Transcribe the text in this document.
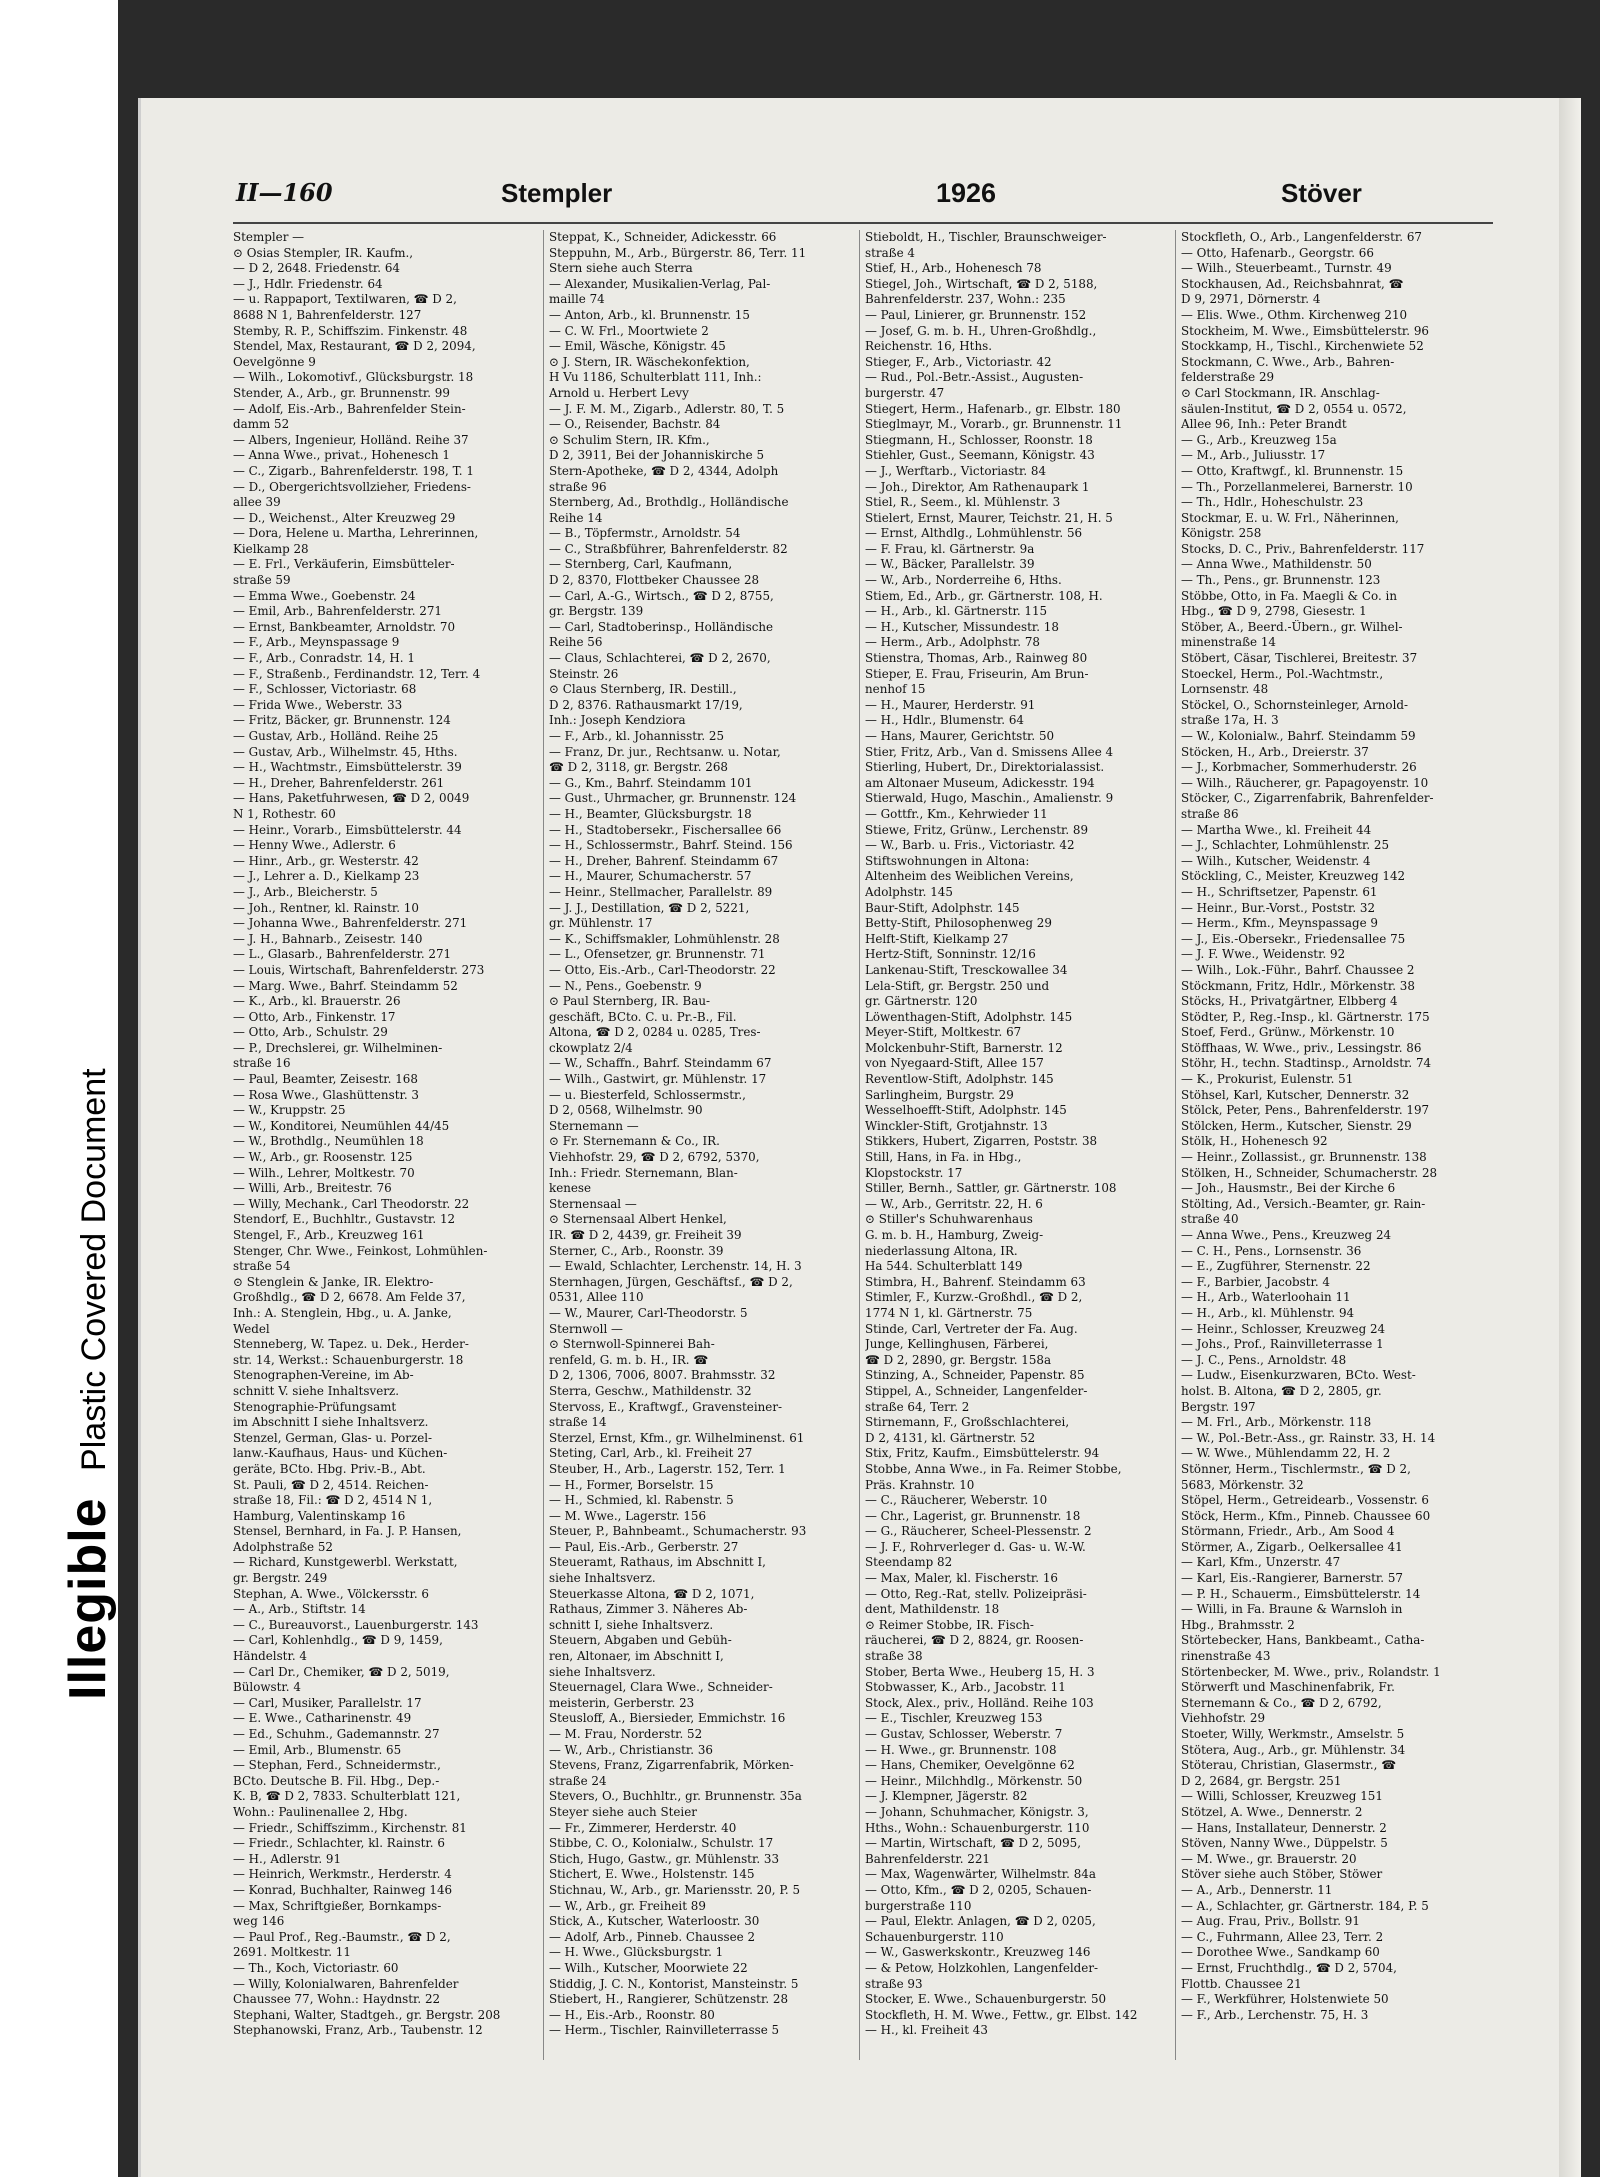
Illegible Plastic Covered Document
II—160	Stempler	1926	Stöver
Stempler —
⊙ Osias Stempler, IR. Kaufm.,
— D 2, 2648. Friedenstr. 64
— J., Hdlr. Friedenstr. 64
— u. Rappaport, Textilwaren, ☎ D 2,
8688 N 1, Bahrenfelderstr. 127
Stemby, R. P., Schiffszim. Finkenstr. 48
Stendel, Max, Restaurant, ☎ D 2, 2094,
Oevelgönne 9
— Wilh., Lokomotivf., Glücksburgstr. 18
Stender, A., Arb., gr. Brunnenstr. 99
— Adolf, Eis.-Arb., Bahrenfelder Stein-
damm 52
— Albers, Ingenieur, Holländ. Reihe 37
— Anna Wwe., privat., Hohenesch 1
— C., Zigarb., Bahrenfelderstr. 198, T. 1
— D., Obergerichtsvollzieher, Friedens-
allee 39
— D., Weichenst., Alter Kreuzweg 29
— Dora, Helene u. Martha, Lehrerinnen,
Kielkamp 28
— E. Frl., Verkäuferin, Eimsbütteler-
straße 59
— Emma Wwe., Goebenstr. 24
— Emil, Arb., Bahrenfelderstr. 271
— Ernst, Bankbeamter, Arnoldstr. 70
— F., Arb., Meynspassage 9
— F., Arb., Conradstr. 14, H. 1
— F., Straßenb., Ferdinandstr. 12, Terr. 4
— F., Schlosser, Victoriastr. 68
— Frida Wwe., Weberstr. 33
— Fritz, Bäcker, gr. Brunnenstr. 124
— Gustav, Arb., Holländ. Reihe 25
— Gustav, Arb., Wilhelmstr. 45, Hths.
— H., Wachtmstr., Eimsbüttelerstr. 39
— H., Dreher, Bahrenfelderstr. 261
— Hans, Paketfuhrwesen, ☎ D 2, 0049
N 1, Rothestr. 60
— Heinr., Vorarb., Eimsbüttelerstr. 44
— Henny Wwe., Adlerstr. 6
— Hinr., Arb., gr. Westerstr. 42
— J., Lehrer a. D., Kielkamp 23
— J., Arb., Bleicherstr. 5
— Joh., Rentner, kl. Rainstr. 10
— Johanna Wwe., Bahrenfelderstr. 271
— J. H., Bahnarb., Zeisestr. 140
— L., Glasarb., Bahrenfelderstr. 271
— Louis, Wirtschaft, Bahrenfelderstr. 273
— Marg. Wwe., Bahrf. Steindamm 52
— K., Arb., kl. Brauerstr. 26
— Otto, Arb., Finkenstr. 17
— Otto, Arb., Schulstr. 29
— P., Drechslerei, gr. Wilhelminen-
straße 16
— Paul, Beamter, Zeisestr. 168
— Rosa Wwe., Glashüttenstr. 3
— W., Kruppstr. 25
— W., Konditorei, Neumühlen 44/45
— W., Brothdlg., Neumühlen 18
— W., Arb., gr. Roosenstr. 125
— Wilh., Lehrer, Moltkestr. 70
— Willi, Arb., Breitestr. 76
— Willy, Mechank., Carl Theodorstr. 22
Stendorf, E., Buchhltr., Gustavstr. 12
Stengel, F., Arb., Kreuzweg 161
Stenger, Chr. Wwe., Feinkost, Lohmühlen-
straße 54
⊙ Stenglein & Janke, IR. Elektro-
Großhdlg., ☎ D 2, 6678. Am Felde 37,
Inh.: A. Stenglein, Hbg., u. A. Janke,
Wedel
Stenneberg, W. Tapez. u. Dek., Herder-
str. 14, Werkst.: Schauenburgerstr. 18
Stenographen-Vereine, im Ab-
schnitt V. siehe Inhaltsverz.
Stenographie-Prüfungsamt
im Abschnitt I siehe Inhaltsverz.
Stenzel, German, Glas- u. Porzel-
lanw.-Kaufhaus, Haus- und Küchen-
geräte, BCto. Hbg. Priv.-B., Abt.
St. Pauli, ☎ D 2, 4514. Reichen-
straße 18, Fil.: ☎ D 2, 4514 N 1,
Hamburg, Valentinskamp 16
Stensel, Bernhard, in Fa. J. P. Hansen,
Adolphstraße 52
— Richard, Kunstgewerbl. Werkstatt,
gr. Bergstr. 249
Stephan, A. Wwe., Völckersstr. 6
— A., Arb., Stiftstr. 14
— C., Bureauvorst., Lauenburgerstr. 143
— Carl, Kohlenhdlg., ☎ D 9, 1459,
Händelstr. 4
— Carl Dr., Chemiker, ☎ D 2, 5019,
Bülowstr. 4
— Carl, Musiker, Parallelstr. 17
— E. Wwe., Catharinenstr. 49
— Ed., Schuhm., Gademannstr. 27
— Emil, Arb., Blumenstr. 65
— Stephan, Ferd., Schneidermstr.,
BCto. Deutsche B. Fil. Hbg., Dep.-
K. B, ☎ D 2, 7833. Schulterblatt 121,
Wohn.: Paulinenallee 2, Hbg.
— Friedr., Schiffszimm., Kirchenstr. 81
— Friedr., Schlachter, kl. Rainstr. 6
— H., Adlerstr. 91
— Heinrich, Werkmstr., Herderstr. 4
— Konrad, Buchhalter, Rainweg 146
— Max, Schriftgießer, Bornkamps-
weg 146
— Paul Prof., Reg.-Baumstr., ☎ D 2,
2691. Moltkestr. 11
— Th., Koch, Victoriastr. 60
— Willy, Kolonialwaren, Bahrenfelder
Chaussee 77, Wohn.: Haydnstr. 22
Stephani, Walter, Stadtgeh., gr. Bergstr. 208
Stephanowski, Franz, Arb., Taubenstr. 12
Steppat, K., Schneider, Adickesstr. 66
Steppuhn, M., Arb., Bürgerstr. 86, Terr. 11
Stern siehe auch Sterra
— Alexander, Musikalien-Verlag, Pal-
maille 74
— Anton, Arb., kl. Brunnenstr. 15
— C. W. Frl., Moortwiete 2
— Emil, Wäsche, Königstr. 45
⊙ J. Stern, IR. Wäschekonfektion,
H Vu 1186, Schulterblatt 111, Inh.:
Arnold u. Herbert Levy
— J. F. M. M., Zigarb., Adlerstr. 80, T. 5
— O., Reisender, Bachstr. 84
⊙ Schulim Stern, IR. Kfm.,
D 2, 3911, Bei der Johanniskirche 5
Stern-Apotheke, ☎ D 2, 4344, Adolph
straße 96
Sternberg, Ad., Brothdlg., Holländische
Reihe 14
— B., Töpfermstr., Arnoldstr. 54
— C., Straßbführer, Bahrenfelderstr. 82
— Sternberg, Carl, Kaufmann,
D 2, 8370, Flottbeker Chaussee 28
— Carl, A.-G., Wirtsch., ☎ D 2, 8755,
gr. Bergstr. 139
— Carl, Stadtoberinsp., Holländische
Reihe 56
— Claus, Schlachterei, ☎ D 2, 2670,
Steinstr. 26
⊙ Claus Sternberg, IR. Destill.,
D 2, 8376. Rathausmarkt 17/19,
Inh.: Joseph Kendziora
— F., Arb., kl. Johannisstr. 25
— Franz, Dr. jur., Rechtsanw. u. Notar,
☎ D 2, 3118, gr. Bergstr. 268
— G., Km., Bahrf. Steindamm 101
— Gust., Uhrmacher, gr. Brunnenstr. 124
— H., Beamter, Glücksburgstr. 18
— H., Stadtobersekr., Fischersallee 66
— H., Schlossermstr., Bahrf. Steind. 156
— H., Dreher, Bahrenf. Steindamm 67
— H., Maurer, Schumacherstr. 57
— Heinr., Stellmacher, Parallelstr. 89
— J. J., Destillation, ☎ D 2, 5221,
gr. Mühlenstr. 17
— K., Schiffsmakler, Lohmühlenstr. 28
— L., Ofensetzer, gr. Brunnenstr. 71
— Otto, Eis.-Arb., Carl-Theodorstr. 22
— N., Pens., Goebenstr. 9
⊙ Paul Sternberg, IR. Bau-
geschäft, BCto. C. u. Pr.-B., Fil.
Altona, ☎ D 2, 0284 u. 0285, Tres-
ckowplatz 2/4
— W., Schaffn., Bahrf. Steindamm 67
— Wilh., Gastwirt, gr. Mühlenstr. 17
— u. Biesterfeld, Schlossermstr.,
D 2, 0568, Wilhelmstr. 90
Sternemann —
⊙ Fr. Sternemann & Co., IR.
Viehhofstr. 29, ☎ D 2, 6792, 5370,
Inh.: Friedr. Sternemann, Blan-
kenese
Sternensaal —
⊙ Sternensaal Albert Henkel,
IR. ☎ D 2, 4439, gr. Freiheit 39
Sterner, C., Arb., Roonstr. 39
— Ewald, Schlachter, Lerchenstr. 14, H. 3
Sternhagen, Jürgen, Geschäftsf., ☎ D 2,
0531, Allee 110
— W., Maurer, Carl-Theodorstr. 5
Sternwoll —
⊙ Sternwoll-Spinnerei Bah-
renfeld, G. m. b. H., IR. ☎
D 2, 1306, 7006, 8007. Brahmsstr. 32
Sterra, Geschw., Mathildenstr. 32
Stervoss, E., Kraftwgf., Gravensteiner-
straße 14
Sterzel, Ernst, Kfm., gr. Wilhelminenst. 61
Steting, Carl, Arb., kl. Freiheit 27
Steuber, H., Arb., Lagerstr. 152, Terr. 1
— H., Former, Borselstr. 15
— H., Schmied, kl. Rabenstr. 5
— M. Wwe., Lagerstr. 156
Steuer, P., Bahnbeamt., Schumacherstr. 93
— Paul, Eis.-Arb., Gerberstr. 27
Steueramt, Rathaus, im Abschnitt I,
siehe Inhaltsverz.
Steuerkasse Altona, ☎ D 2, 1071,
Rathaus, Zimmer 3. Näheres Ab-
schnitt I, siehe Inhaltsverz.
Steuern, Abgaben und Gebüh-
ren, Altonaer, im Abschnitt I,
siehe Inhaltsverz.
Steuernagel, Clara Wwe., Schneider-
meisterin, Gerberstr. 23
Steusloff, A., Biersieder, Emmichstr. 16
— M. Frau, Norderstr. 52
— W., Arb., Christianstr. 36
Stevens, Franz, Zigarrenfabrik, Mörken-
straße 24
Stevers, O., Buchhltr., gr. Brunnenstr. 35a
Steyer siehe auch Steier
— Fr., Zimmerer, Herderstr. 40
Stibbe, C. O., Kolonialw., Schulstr. 17
Stich, Hugo, Gastw., gr. Mühlenstr. 33
Stichert, E. Wwe., Holstenstr. 145
Stichnau, W., Arb., gr. Mariensstr. 20, P. 5
— W., Arb., gr. Freiheit 89
Stick, A., Kutscher, Waterloostr. 30
— Adolf, Arb., Pinneb. Chaussee 2
— H. Wwe., Glücksburgstr. 1
— Wilh., Kutscher, Moorwiete 22
Stiddig, J. C. N., Kontorist, Mansteinstr. 5
Stiebert, H., Rangierer, Schützenstr. 28
— H., Eis.-Arb., Roonstr. 80
— Herm., Tischler, Rainvilleterrasse 5
Stieboldt, H., Tischler, Braunschweiger-
straße 4
Stief, H., Arb., Hohenesch 78
Stiegel, Joh., Wirtschaft, ☎ D 2, 5188,
Bahrenfelderstr. 237, Wohn.: 235
— Paul, Linierer, gr. Brunnenstr. 152
— Josef, G. m. b. H., Uhren-Großhdlg.,
Reichenstr. 16, Hths.
Stieger, F., Arb., Victoriastr. 42
— Rud., Pol.-Betr.-Assist., Augusten-
burgerstr. 47
Stiegert, Herm., Hafenarb., gr. Elbstr. 180
Stieglmayr, M., Vorarb., gr. Brunnenstr. 11
Stiegmann, H., Schlosser, Roonstr. 18
Stiehler, Gust., Seemann, Königstr. 43
— J., Werftarb., Victoriastr. 84
— Joh., Direktor, Am Rathenaupark 1
Stiel, R., Seem., kl. Mühlenstr. 3
Stielert, Ernst, Maurer, Teichstr. 21, H. 5
— Ernst, Althdlg., Lohmühlenstr. 56
— F. Frau, kl. Gärtnerstr. 9a
— W., Bäcker, Parallelstr. 39
— W., Arb., Norderreihe 6, Hths.
Stiem, Ed., Arb., gr. Gärtnerstr. 108, H.
— H., Arb., kl. Gärtnerstr. 115
— H., Kutscher, Missundestr. 18
— Herm., Arb., Adolphstr. 78
Stienstra, Thomas, Arb., Rainweg 80
Stieper, E. Frau, Friseurin, Am Brun-
nenhof 15
— H., Maurer, Herderstr. 91
— H., Hdlr., Blumenstr. 64
— Hans, Maurer, Gerichtstr. 50
Stier, Fritz, Arb., Van d. Smissens Allee 4
Stierling, Hubert, Dr., Direktorialassist.
am Altonaer Museum, Adickesstr. 194
Stierwald, Hugo, Maschin., Amalienstr. 9
— Gottfr., Km., Kehrwieder 11
Stiewe, Fritz, Grünw., Lerchenstr. 89
— W., Barb. u. Fris., Victoriastr. 42
Stiftswohnungen in Altona:
Altenheim des Weiblichen Vereins,
Adolphstr. 145
Baur-Stift, Adolphstr. 145
Betty-Stift, Philosophenweg 29
Helft-Stift, Kielkamp 27
Hertz-Stift, Sonninstr. 12/16
Lankenau-Stift, Tresckowallee 34
Lela-Stift, gr. Bergstr. 250 und
gr. Gärtnerstr. 120
Löwenthagen-Stift, Adolphstr. 145
Meyer-Stift, Moltkestr. 67
Molckenbuhr-Stift, Barnerstr. 12
von Nyegaard-Stift, Allee 157
Reventlow-Stift, Adolphstr. 145
Sarlingheim, Burgstr. 29
Wesselhoefft-Stift, Adolphstr. 145
Winckler-Stift, Grotjahnstr. 13
Stikkers, Hubert, Zigarren, Poststr. 38
Still, Hans, in Fa. in Hbg.,
Klopstockstr. 17
Stiller, Bernh., Sattler, gr. Gärtnerstr. 108
— W., Arb., Gerritstr. 22, H. 6
⊙ Stiller's Schuhwarenhaus
G. m. b. H., Hamburg, Zweig-
niederlassung Altona, IR.
Ha 544. Schulterblatt 149
Stimbra, H., Bahrenf. Steindamm 63
Stimler, F., Kurzw.-Großhdl., ☎ D 2,
1774 N 1, kl. Gärtnerstr. 75
Stinde, Carl, Vertreter der Fa. Aug.
Junge, Kellinghusen, Färberei,
☎ D 2, 2890, gr. Bergstr. 158a
Stinzing, A., Schneider, Papenstr. 85
Stippel, A., Schneider, Langenfelder-
straße 64, Terr. 2
Stirnemann, F., Großschlachterei,
D 2, 4131, kl. Gärtnerstr. 52
Stix, Fritz, Kaufm., Eimsbüttelerstr. 94
Stobbe, Anna Wwe., in Fa. Reimer Stobbe,
Präs. Krahnstr. 10
— C., Räucherer, Weberstr. 10
— Chr., Lagerist, gr. Brunnenstr. 18
— G., Räucherer, Scheel-Plessenstr. 2
— J. F., Rohrverleger d. Gas- u. W.-W.
Steendamp 82
— Max, Maler, kl. Fischerstr. 16
— Otto, Reg.-Rat, stellv. Polizeipräsi-
dent, Mathildenstr. 18
⊙ Reimer Stobbe, IR. Fisch-
räucherei, ☎ D 2, 8824, gr. Roosen-
straße 38
Stober, Berta Wwe., Heuberg 15, H. 3
Stobwasser, K., Arb., Jacobstr. 11
Stock, Alex., priv., Holländ. Reihe 103
— E., Tischler, Kreuzweg 153
— Gustav, Schlosser, Weberstr. 7
— H. Wwe., gr. Brunnenstr. 108
— Hans, Chemiker, Oevelgönne 62
— Heinr., Milchhdlg., Mörkenstr. 50
— J. Klempner, Jägerstr. 82
— Johann, Schuhmacher, Königstr. 3,
Hths., Wohn.: Schauenburgerstr. 110
— Martin, Wirtschaft, ☎ D 2, 5095,
Bahrenfelderstr. 221
— Max, Wagenwärter, Wilhelmstr. 84a
— Otto, Kfm., ☎ D 2, 0205, Schauen-
burgerstraße 110
— Paul, Elektr. Anlagen, ☎ D 2, 0205,
Schauenburgerstr. 110
— W., Gaswerkskontr., Kreuzweg 146
— & Petow, Holzkohlen, Langenfelder-
straße 93
Stocker, E. Wwe., Schauenburgerstr. 50
Stockfleth, H. M. Wwe., Fettw., gr. Elbst. 142
— H., kl. Freiheit 43
Stockfleth, O., Arb., Langenfelderstr. 67
— Otto, Hafenarb., Georgstr. 66
— Wilh., Steuerbeamt., Turnstr. 49
Stockhausen, Ad., Reichsbahnrat, ☎
D 9, 2971, Dörnerstr. 4
— Elis. Wwe., Othm. Kirchenweg 210
Stockheim, M. Wwe., Eimsbüttelerstr. 96
Stockkamp, H., Tischl., Kirchenwiete 52
Stockmann, C. Wwe., Arb., Bahren-
felderstraße 29
⊙ Carl Stockmann, IR. Anschlag-
säulen-Institut, ☎ D 2, 0554 u. 0572,
Allee 96, Inh.: Peter Brandt
— G., Arb., Kreuzweg 15a
— M., Arb., Juliusstr. 17
— Otto, Kraftwgf., kl. Brunnenstr. 15
— Th., Porzellanmelerei, Barnerstr. 10
— Th., Hdlr., Hoheschulstr. 23
Stockmar, E. u. W. Frl., Näherinnen,
Königstr. 258
Stocks, D. C., Priv., Bahrenfelderstr. 117
— Anna Wwe., Mathildenstr. 50
— Th., Pens., gr. Brunnenstr. 123
Stöbbe, Otto, in Fa. Maegli & Co. in
Hbg., ☎ D 9, 2798, Giesestr. 1
Stöber, A., Beerd.-Übern., gr. Wilhel-
minenstraße 14
Stöbert, Cäsar, Tischlerei, Breitestr. 37
Stoeckel, Herm., Pol.-Wachtmstr.,
Lornsenstr. 48
Stöckel, O., Schornsteinleger, Arnold-
straße 17a, H. 3
— W., Kolonialw., Bahrf. Steindamm 59
Stöcken, H., Arb., Dreierstr. 37
— J., Korbmacher, Sommerhuderstr. 26
— Wilh., Räucherer, gr. Papagoyenstr. 10
Stöcker, C., Zigarrenfabrik, Bahrenfelder-
straße 86
— Martha Wwe., kl. Freiheit 44
— J., Schlachter, Lohmühlenstr. 25
— Wilh., Kutscher, Weidenstr. 4
Stöckling, C., Meister, Kreuzweg 142
— H., Schriftsetzer, Papenstr. 61
— Heinr., Bur.-Vorst., Poststr. 32
— Herm., Kfm., Meynspassage 9
— J., Eis.-Obersekr., Friedensallee 75
— J. F. Wwe., Weidenstr. 92
— Wilh., Lok.-Führ., Bahrf. Chaussee 2
Stöckmann, Fritz, Hdlr., Mörkenstr. 38
Stöcks, H., Privatgärtner, Elbberg 4
Stödter, P., Reg.-Insp., kl. Gärtnerstr. 175
Stoef, Ferd., Grünw., Mörkenstr. 10
Stöffhaas, W. Wwe., priv., Lessingstr. 86
Stöhr, H., techn. Stadtinsp., Arnoldstr. 74
— K., Prokurist, Eulenstr. 51
Stöhsel, Karl, Kutscher, Dennerstr. 32
Stölck, Peter, Pens., Bahrenfelderstr. 197
Stölcken, Herm., Kutscher, Sienstr. 29
Stölk, H., Hohenesch 92
— Heinr., Zollassist., gr. Brunnenstr. 138
Stölken, H., Schneider, Schumacherstr. 28
— Joh., Hausmstr., Bei der Kirche 6
Stölting, Ad., Versich.-Beamter, gr. Rain-
straße 40
— Anna Wwe., Pens., Kreuzweg 24
— C. H., Pens., Lornsenstr. 36
— E., Zugführer, Sternenstr. 22
— F., Barbier, Jacobstr. 4
— H., Arb., Waterloohain 11
— H., Arb., kl. Mühlenstr. 94
— Heinr., Schlosser, Kreuzweg 24
— Johs., Prof., Rainvilleterrasse 1
— J. C., Pens., Arnoldstr. 48
— Ludw., Eisenkurzwaren, BCto. West-
holst. B. Altona, ☎ D 2, 2805, gr.
Bergstr. 197
— M. Frl., Arb., Mörkenstr. 118
— W., Pol.-Betr.-Ass., gr. Rainstr. 33, H. 14
— W. Wwe., Mühlendamm 22, H. 2
Stönner, Herm., Tischlermstr., ☎ D 2,
5683, Mörkenstr. 32
Stöpel, Herm., Getreidearb., Vossenstr. 6
Stöck, Herm., Kfm., Pinneb. Chaussee 60
Störmann, Friedr., Arb., Am Sood 4
Störmer, A., Zigarb., Oelkersallee 41
— Karl, Kfm., Unzerstr. 47
— Karl, Eis.-Rangierer, Barnerstr. 57
— P. H., Schauerm., Eimsbüttelerstr. 14
— Willi, in Fa. Braune & Warnsloh in
Hbg., Brahmsstr. 2
Störtebecker, Hans, Bankbeamt., Catha-
rinenstraße 43
Störtenbecker, M. Wwe., priv., Rolandstr. 1
Störwerft und Maschinenfabrik, Fr.
Sternemann & Co., ☎ D 2, 6792,
Viehhofstr. 29
Stoeter, Willy, Werkmstr., Amselstr. 5
Stötera, Aug., Arb., gr. Mühlenstr. 34
Stöterau, Christian, Glasermstr., ☎
D 2, 2684, gr. Bergstr. 251
— Willi, Schlosser, Kreuzweg 151
Stötzel, A. Wwe., Dennerstr. 2
— Hans, Installateur, Dennerstr. 2
Stöven, Nanny Wwe., Düppelstr. 5
— M. Wwe., gr. Brauerstr. 20
Stöver siehe auch Stöber, Stöwer
— A., Arb., Dennerstr. 11
— A., Schlachter, gr. Gärtnerstr. 184, P. 5
— Aug. Frau, Priv., Bollstr. 91
— C., Fuhrmann, Allee 23, Terr. 2
— Dorothee Wwe., Sandkamp 60
— Ernst, Fruchthdlg., ☎ D 2, 5704,
Flottb. Chaussee 21
— F., Werkführer, Holstenwiete 50
— F., Arb., Lerchenstr. 75, H. 3
